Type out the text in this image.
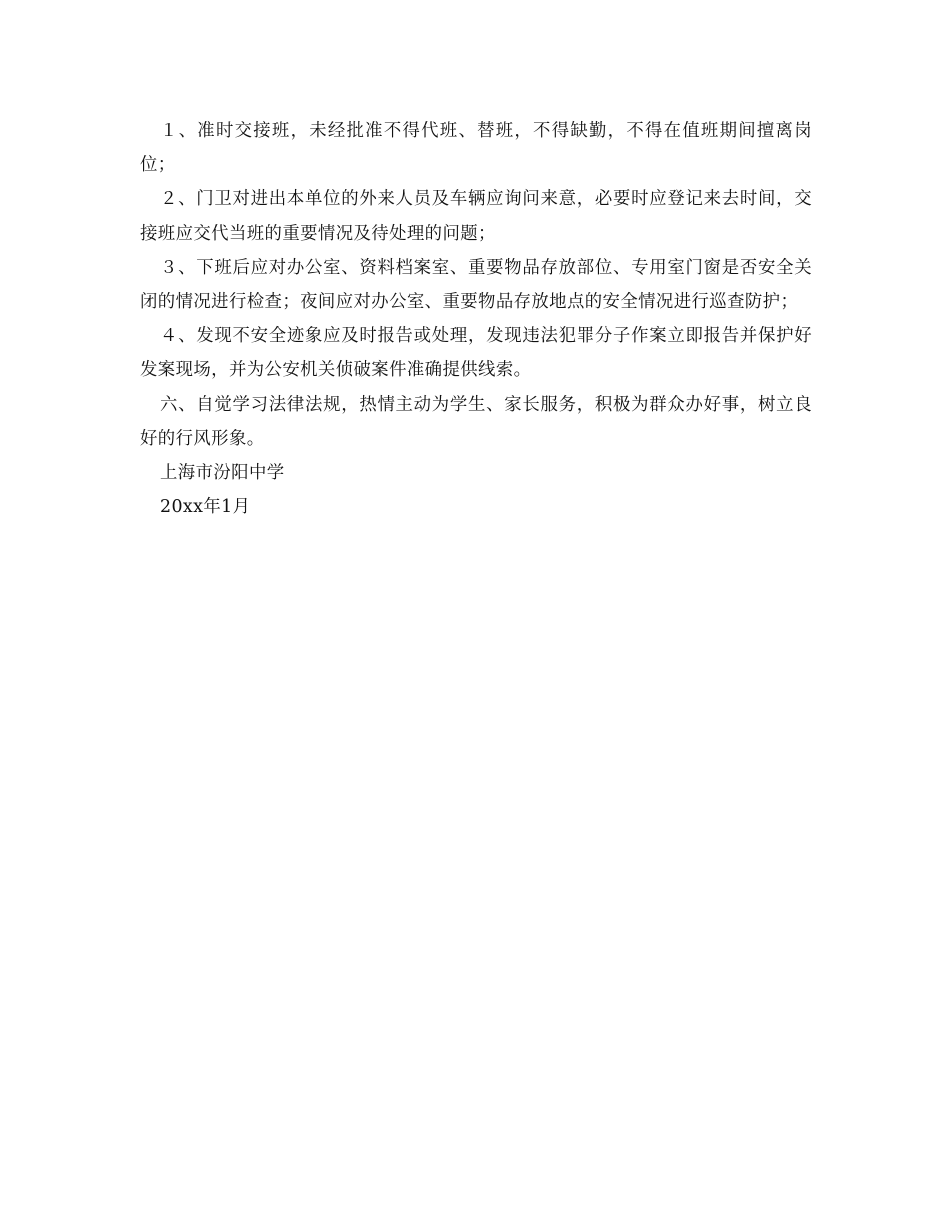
１、准时交接班，未经批准不得代班、替班，不得缺勤，不得在值班期间擅离岗位；

２、门卫对进出本单位的外来人员及车辆应询问来意，必要时应登记来去时间，交接班应交代当班的重要情况及待处理的问题；

３、下班后应对办公室、资料档案室、重要物品存放部位、专用室门窗是否安全关闭的情况进行检查；夜间应对办公室、重要物品存放地点的安全情况进行巡查防护；

４、发现不安全迹象应及时报告或处理，发现违法犯罪分子作案立即报告并保护好发案现场，并为公安机关侦破案件准确提供线索。

六、自觉学习法律法规，热情主动为学生、家长服务，积极为群众办好事，树立良好的行风形象。

上海市汾阳中学

20xx年1月
